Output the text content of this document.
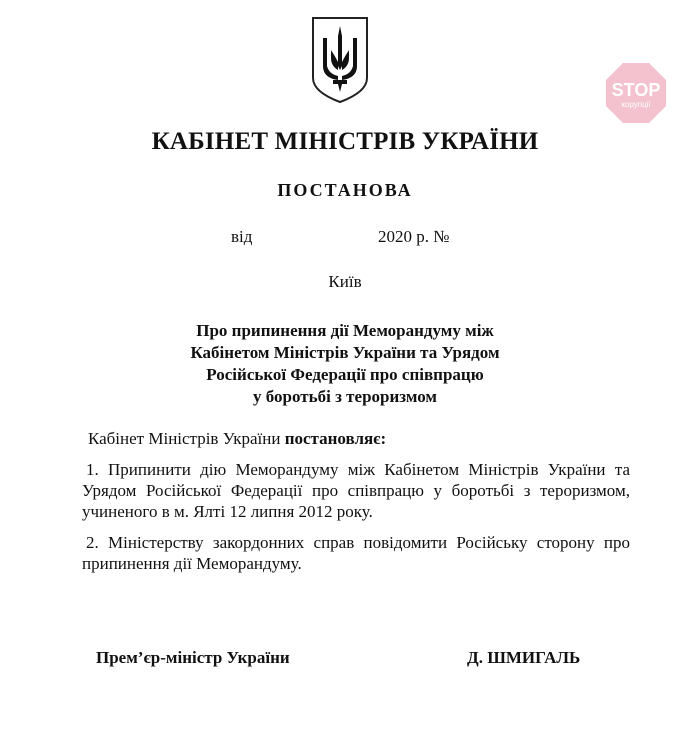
STOP
корупції
КАБІНЕТ МІНІСТРІВ УКРАЇНИ
ПОСТАНОВА
від	2020 р. №
Київ
Про припинення дії Меморандуму між
Кабінетом Міністрів України та Урядом
Російської Федерації про співпрацю
у боротьбі з тероризмом

Кабінет Міністрів України постановляє:

1. Припинити дію Меморандуму між Кабінетом Міністрів України та Урядом Російської Федерації про співпрацю у боротьбі з тероризмом, учиненого в м. Ялті 12 липня 2012 року.

2. Міністерству закордонних справ повідомити Російську сторону про припинення дії Меморандуму.

Прем’єр-міністр України	Д. ШМИГАЛЬ
